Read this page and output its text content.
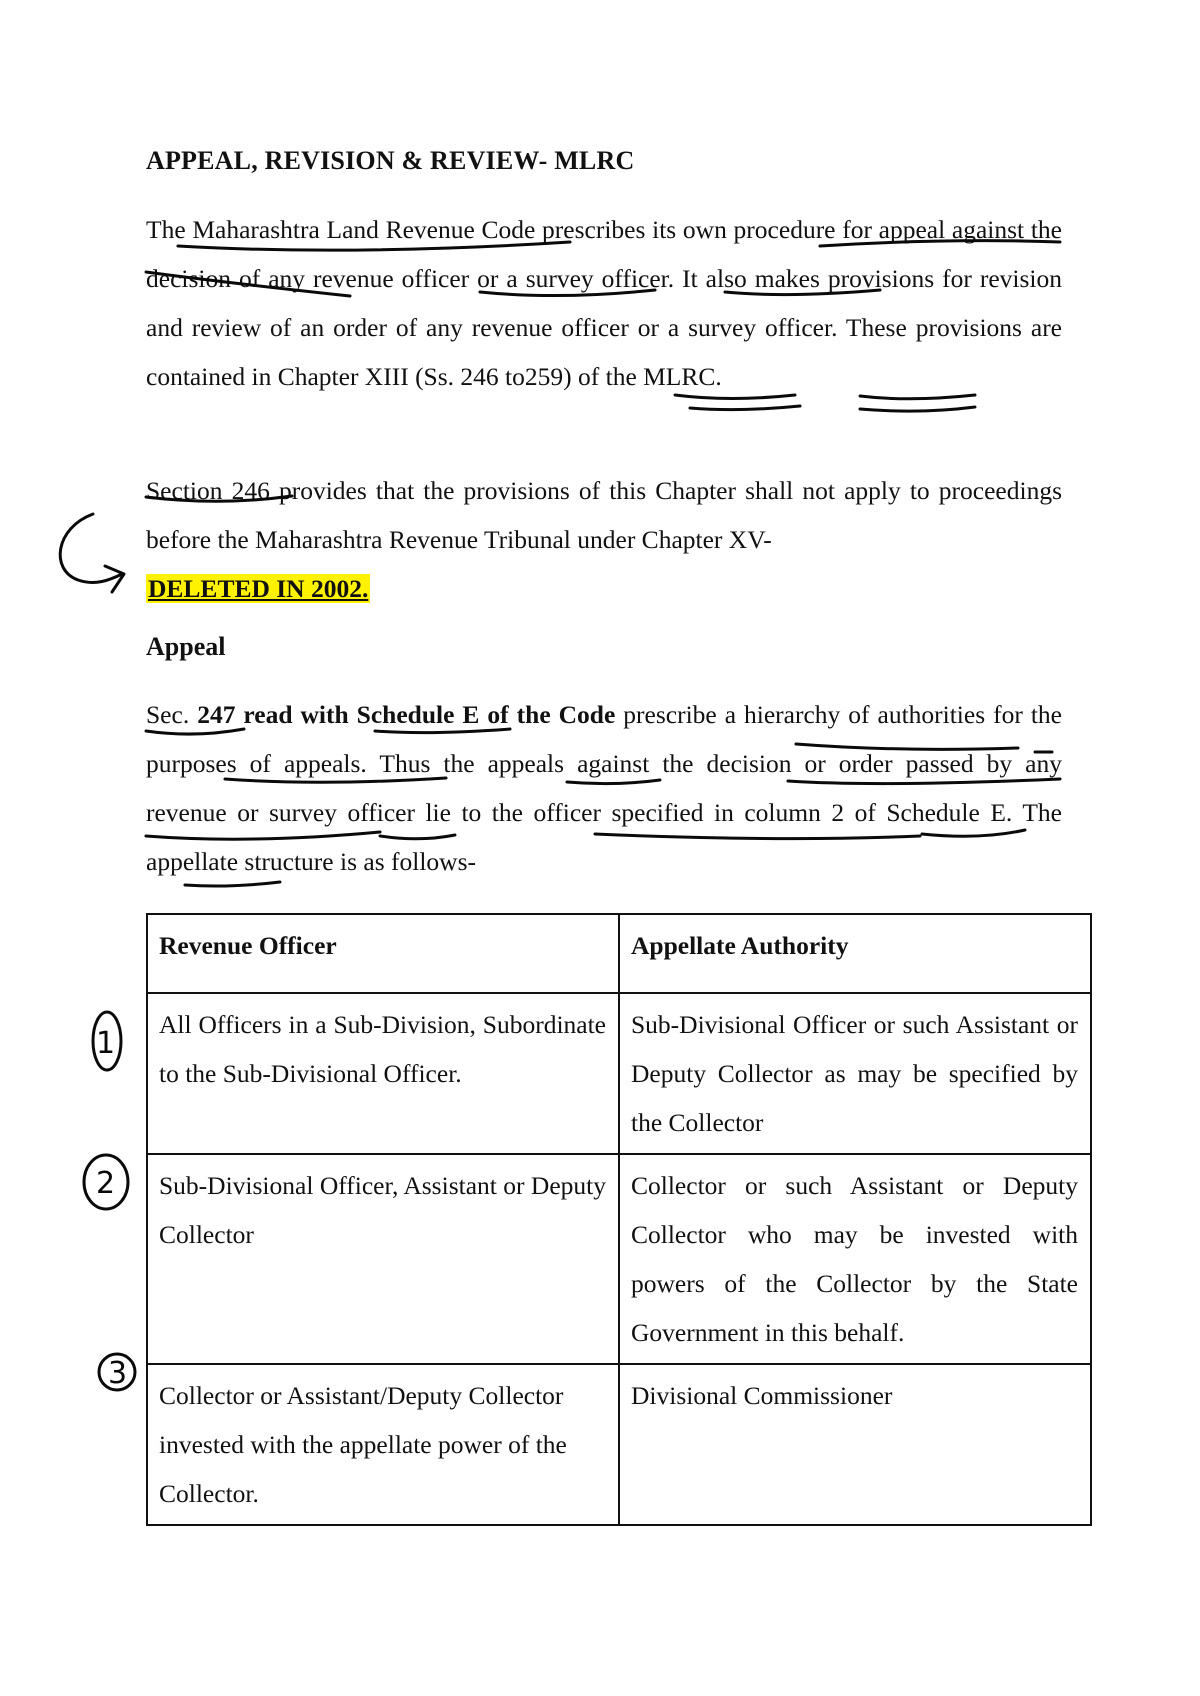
APPEAL, REVISION & REVIEW- MLRC
The Maharashtra Land Revenue Code prescribes its own procedure for appeal against the decision of any revenue officer or a survey officer. It also makes provisions for revision and review of an order of any revenue officer or a survey officer. These provisions are contained in Chapter XIII (Ss. 246 to259) of the MLRC.
Section 246 provides that the provisions of this Chapter shall not apply to proceedings before the Maharashtra Revenue Tribunal under Chapter XV-
DELETED IN 2002.
Appeal
Sec. 247 read with Schedule E of the Code prescribe a hierarchy of authorities for the purposes of appeals. Thus the appeals against the decision or order passed by any revenue or survey officer lie to the officer specified in column 2 of Schedule E. The appellate structure is as follows-
Revenue Officer	Appellate Authority
All Officers in a Sub-Division, Subordinate to the Sub-Divisional Officer.	Sub-Divisional Officer or such Assistant or Deputy Collector as may be specified by the Collector
Sub-Divisional Officer, Assistant or Deputy Collector	Collector or such Assistant or Deputy Collector who may be invested with powers of the Collector by the State Government in this behalf.
Collector or Assistant/Deputy Collector invested with the appellate power of the Collector.	Divisional Commissioner
1
2
3
